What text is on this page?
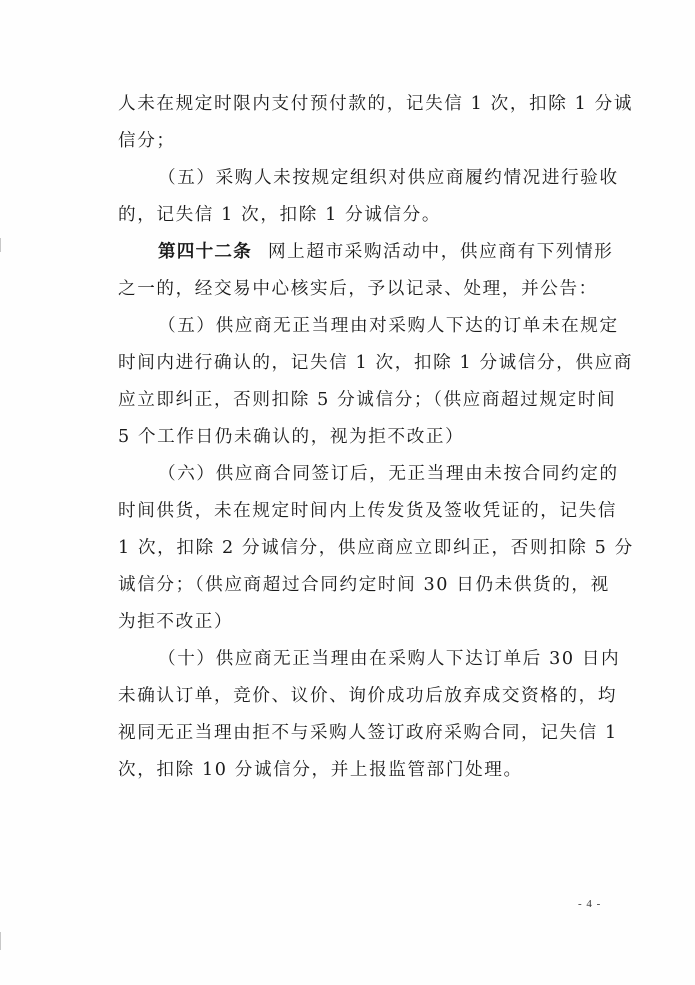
人未在规定时限内支付预付款的，记失信 1 次，扣除 1 分诚
信分；

（五）采购人未按规定组织对供应商履约情况进行验收
的，记失信 1 次，扣除 1 分诚信分。

第四十二条 网上超市采购活动中，供应商有下列情形
之一的，经交易中心核实后，予以记录、处理，并公告：

（五）供应商无正当理由对采购人下达的订单未在规定
时间内进行确认的，记失信 1 次，扣除 1 分诚信分，供应商
应立即纠正，否则扣除 5 分诚信分；（供应商超过规定时间
5 个工作日仍未确认的，视为拒不改正）

（六）供应商合同签订后，无正当理由未按合同约定的
时间供货，未在规定时间内上传发货及签收凭证的，记失信
1 次，扣除 2 分诚信分，供应商应立即纠正，否则扣除 5 分
诚信分；（供应商超过合同约定时间 30 日仍未供货的，视
为拒不改正）

（十）供应商无正当理由在采购人下达订单后 30 日内
未确认订单，竞价、议价、询价成功后放弃成交资格的，均
视同无正当理由拒不与采购人签订政府采购合同，记失信 1
次，扣除 10 分诚信分，并上报监管部门处理。

- 4 -
